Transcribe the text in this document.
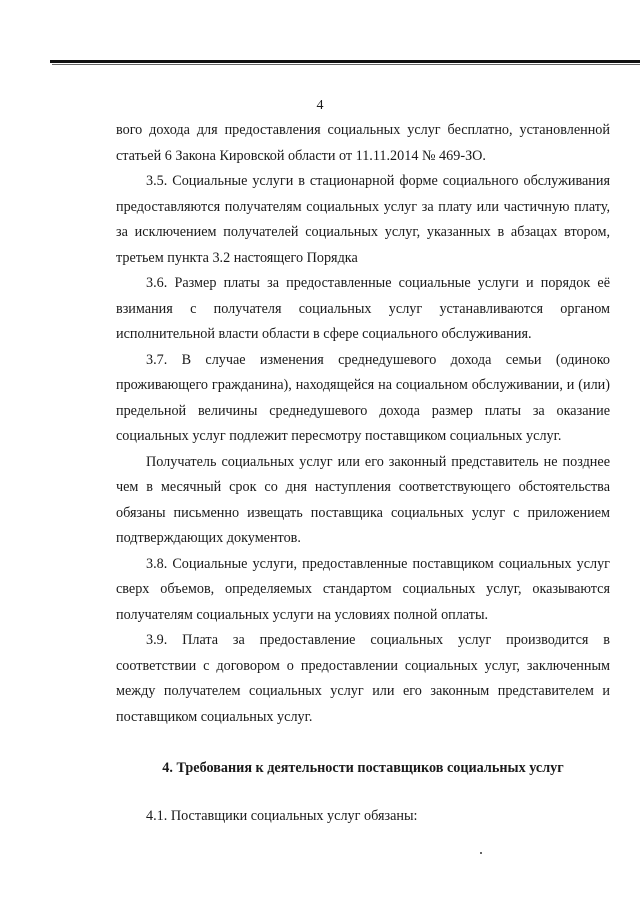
4

вого дохода для предоставления социальных услуг бесплатно, установленной статьей 6 Закона Кировской области от 11.11.2014 № 469-ЗО.

3.5. Социальные услуги в стационарной форме социального обслуживания предоставляются получателям социальных услуг за плату или частичную плату, за исключением получателей социальных услуг, указанных в абзацах втором, третьем пункта 3.2 настоящего Порядка

3.6. Размер платы за предоставленные социальные услуги и порядок её взимания с получателя социальных услуг устанавливаются органом исполнительной власти области в сфере социального обслуживания.

3.7. В случае изменения среднедушевого дохода семьи (одиноко проживающего гражданина), находящейся на социальном обслуживании, и (или) предельной величины среднедушевого дохода размер платы за оказание социальных услуг подлежит пересмотру поставщиком социальных услуг.

Получатель социальных услуг или его законный представитель не позднее чем в месячный срок со дня наступления соответствующего обстоятельства обязаны письменно извещать поставщика социальных услуг с приложением подтверждающих документов.

3.8. Социальные услуги, предоставленные поставщиком социальных услуг сверх объемов, определяемых стандартом социальных услуг, оказываются получателям социальных услуги на условиях полной оплаты.

3.9. Плата за предоставление социальных услуг производится в соответствии с договором о предоставлении социальных услуг, заключенным между получателем социальных услуг или его законным представителем и поставщиком социальных услуг.

4. Требования к деятельности поставщиков социальных услуг

4.1. Поставщики социальных услуг обязаны:
